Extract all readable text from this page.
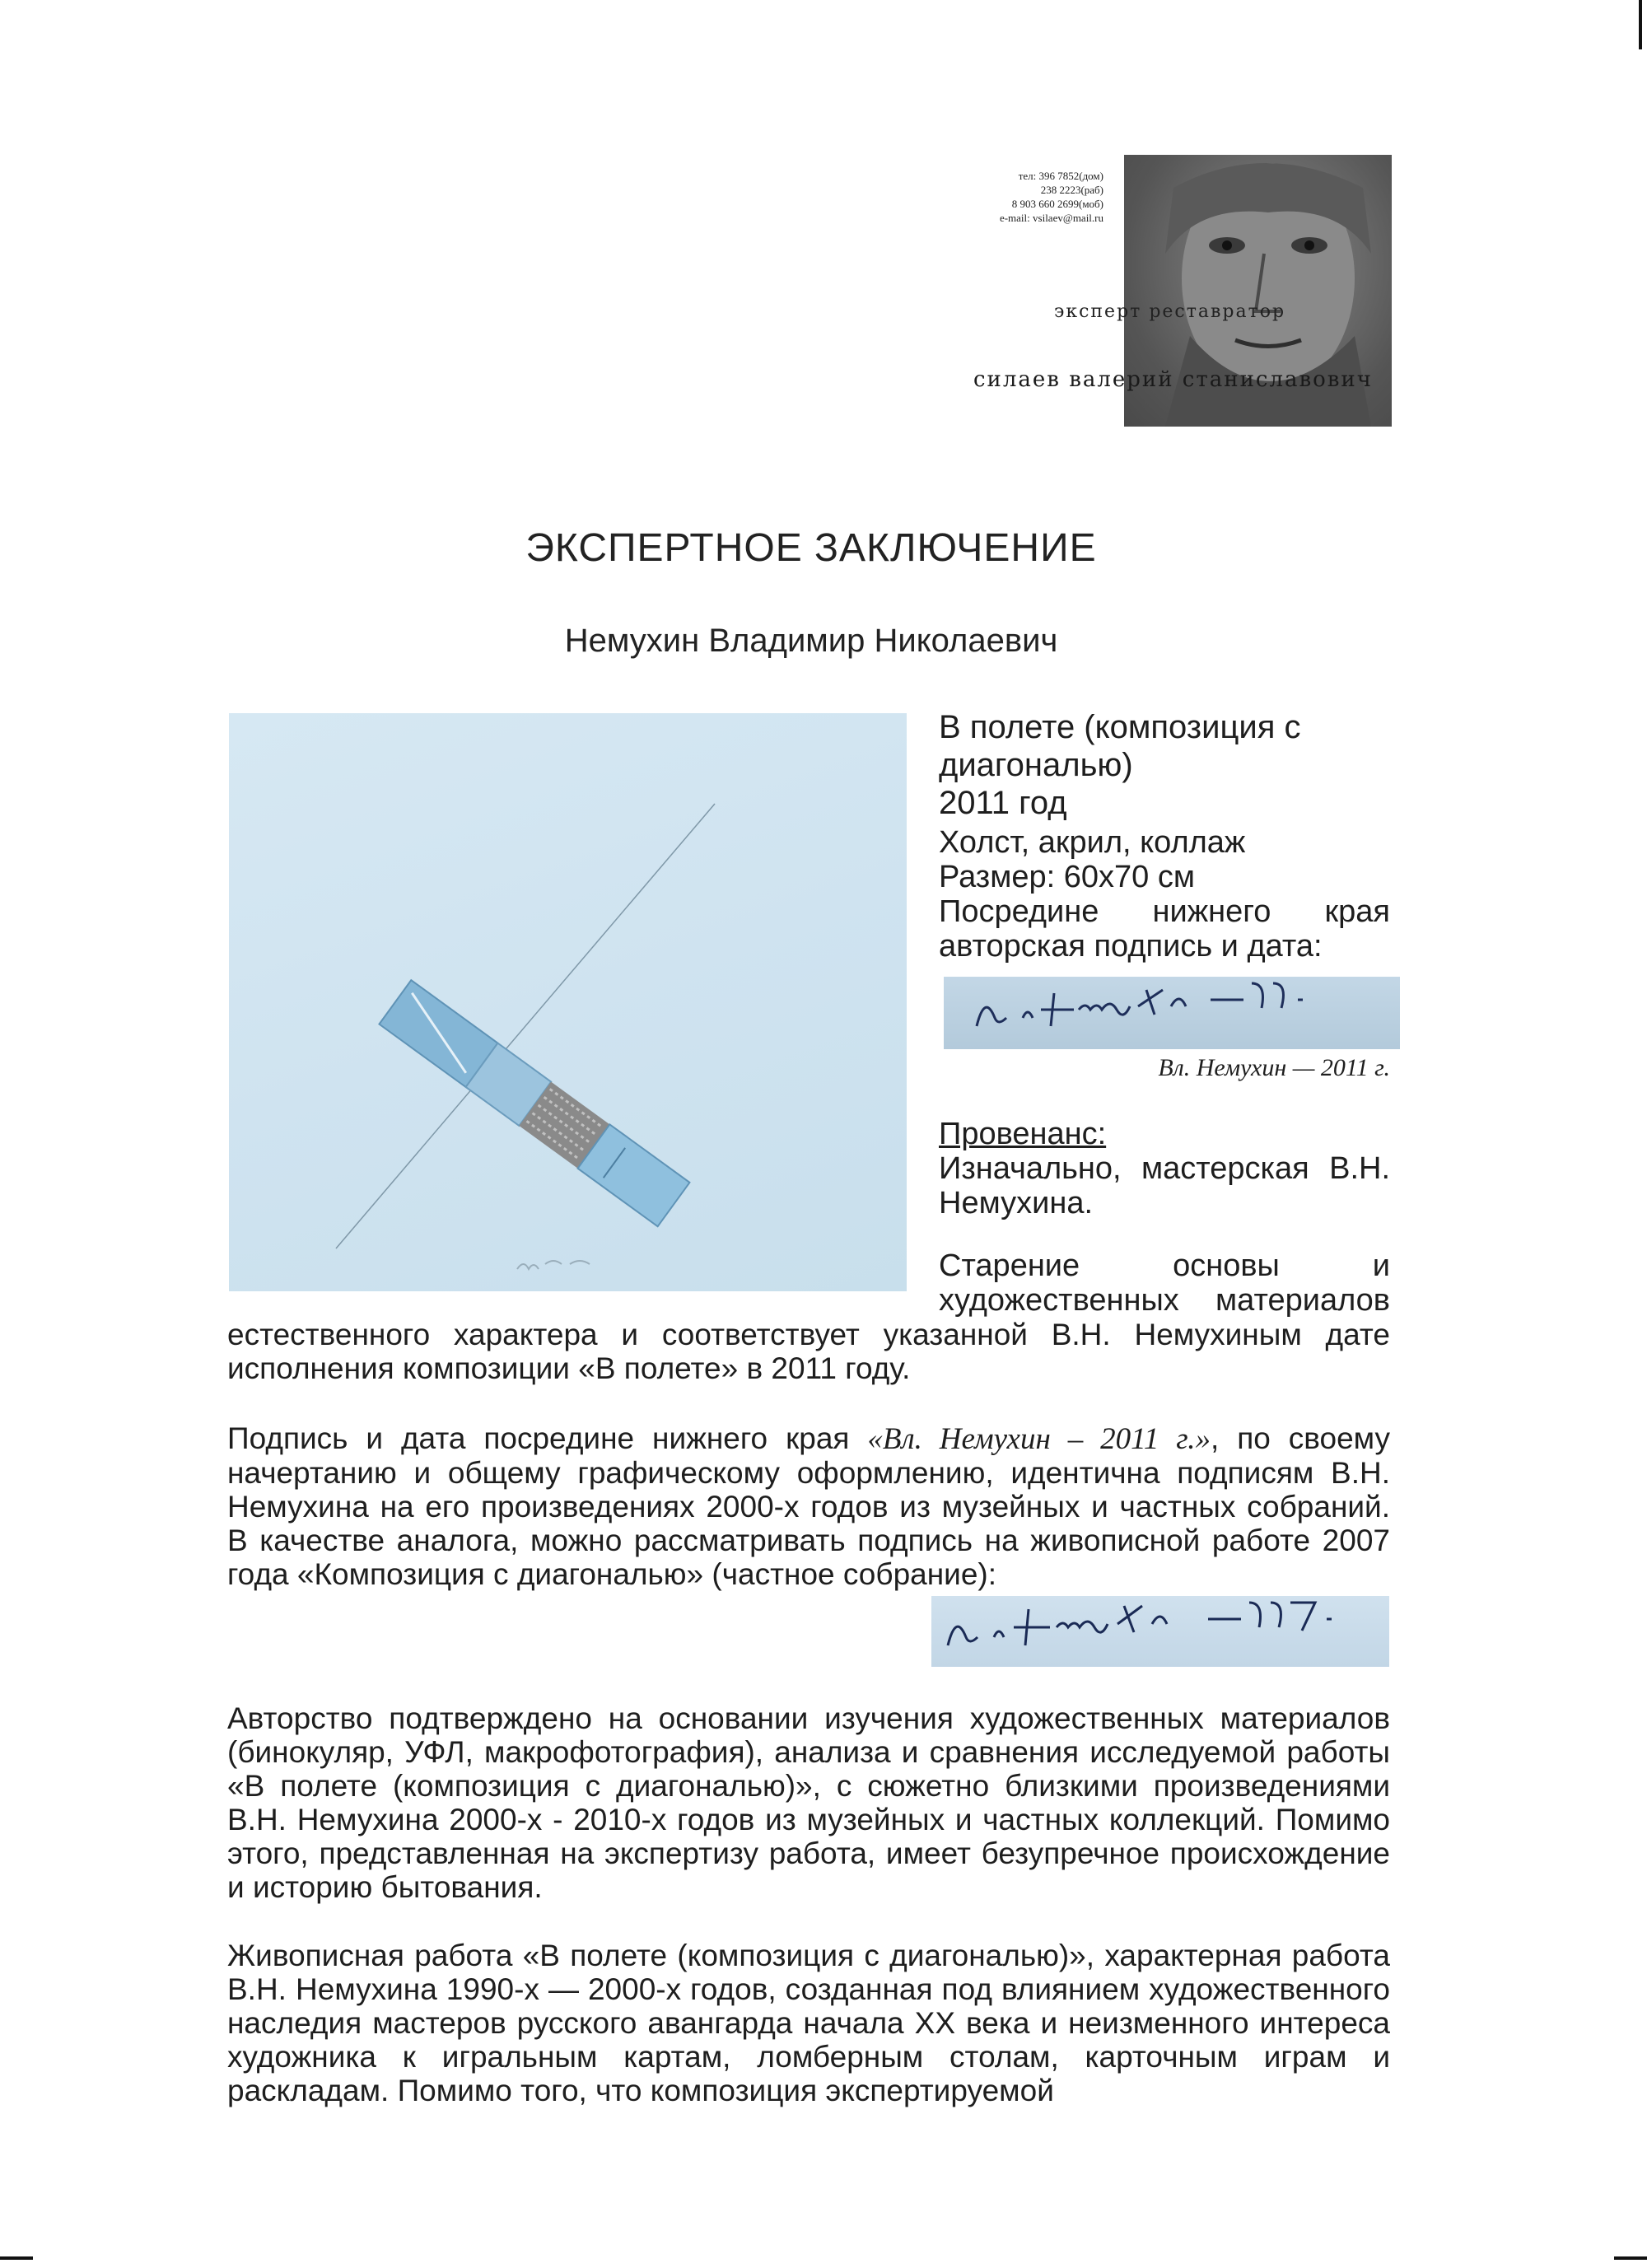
тел: 396 7852(дом)
238 2223(раб)
8 903 660 2699(моб)
e-mail: vsilaev@mail.ru
эксперт реставратор
силаев валерий станиславович
ЭКСПЕРТНОЕ ЗАКЛЮЧЕНИЕ
Немухин Владимир Николаевич
В полете (композиция с диагональю)
2011 год
Холст, акрил, коллаж
Размер: 60х70 см
Посредине нижнего края авторская подпись и дата:
Вл. Немухин — 2011 г.
Провенанс:
Изначально, мастерская В.Н. Немухина.
Старение основы и
художественных материалов
естественного характера и соответствует указанной В.Н. Немухиным дате исполнения композиции «В полете» в 2011 году.
Подпись и дата посредине нижнего края «Вл. Немухин – 2011 г.», по своему начертанию и общему графическому оформлению, идентична подписям В.Н. Немухина на его произведениях 2000-х годов из музейных и частных собраний. В качестве аналога, можно рассматривать подпись на живописной работе 2007 года «Композиция с диагональю» (частное собрание):
Авторство подтверждено на основании изучения художественных материалов (бинокуляр, УФЛ, макрофотография), анализа и сравнения исследуемой работы «В полете (композиция с диагональю)», с сюжетно близкими произведениями В.Н. Немухина 2000-х - 2010-х годов из музейных и частных коллекций. Помимо этого, представленная на экспертизу работа, имеет безупречное происхождение и историю бытования.
Живописная работа «В полете (композиция с диагональю)», характерная работа В.Н. Немухина 1990-х — 2000-х годов, созданная под влиянием художественного наследия мастеров русского авангарда начала XX века и неизменного интереса художника к игральным картам, ломберным столам, карточным играм и раскладам. Помимо того, что композиция экспертируемой
